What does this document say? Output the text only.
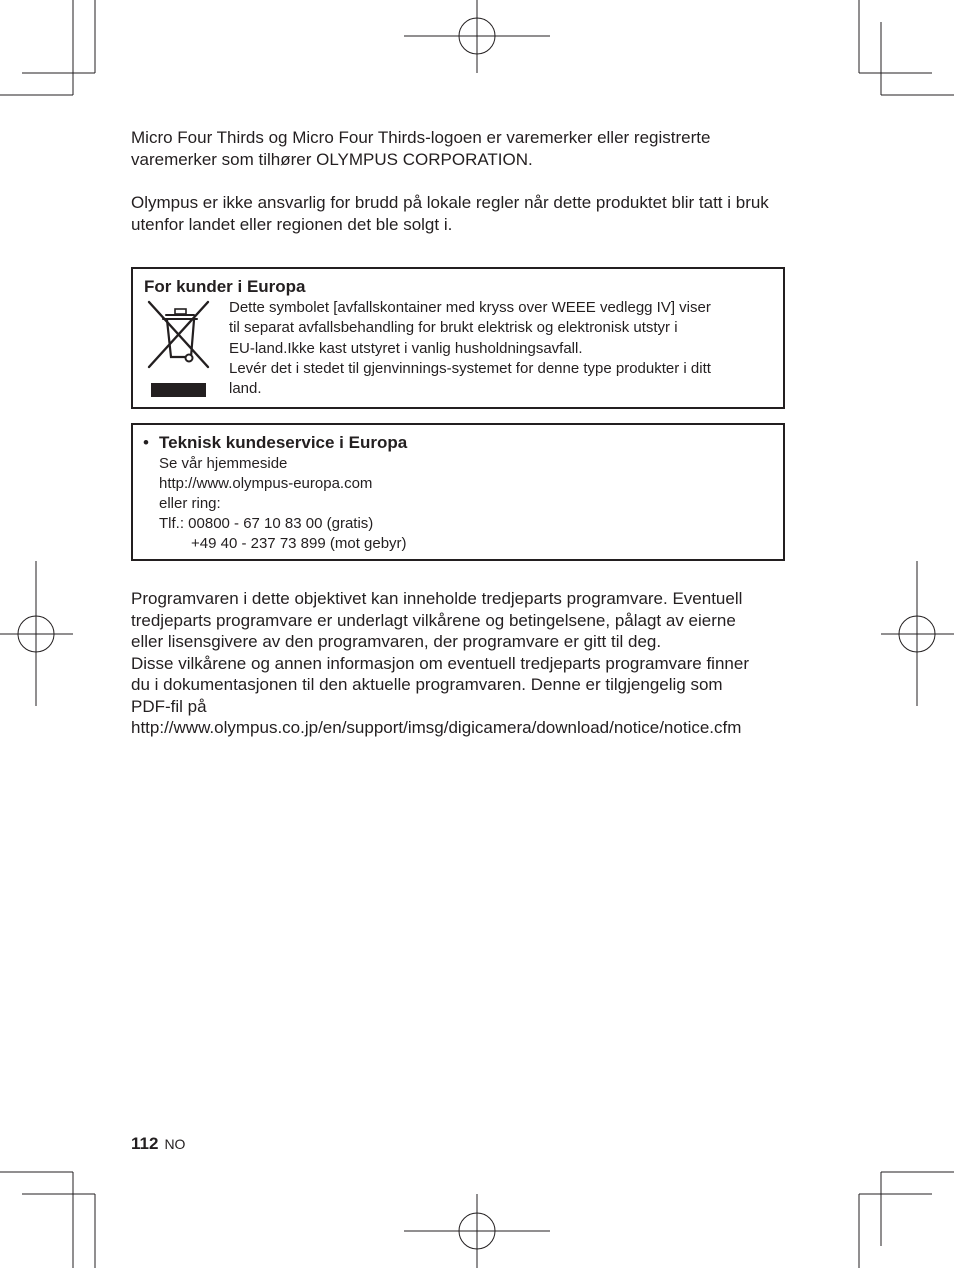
Micro Four Thirds og Micro Four Thirds-logoen er varemerker eller registrerte varemerker som tilhører OLYMPUS CORPORATION.

Olympus er ikke ansvarlig for brudd på lokale regler når dette produktet blir tatt i bruk utenfor landet eller regionen det ble solgt i.

For kunder i Europa
Dette symbolet [avfallskontainer med kryss over WEEE vedlegg IV] viser
til separat avfallsbehandling for brukt elektrisk og elektronisk utstyr i
EU-land.Ikke kast utstyret i vanlig husholdningsavfall.
Levér det i stedet til gjenvinnings-systemet for denne type produkter i ditt
land.
• Teknisk kundeservice i Europa
Se vår hjemmeside
http://www.olympus-europa.com
eller ring:
Tlf.: 00800 - 67 10 83 00 (gratis)
+49 40 - 237 73 899 (mot gebyr)
Programvaren i dette objektivet kan inneholde tredjeparts programvare. Eventuell
tredjeparts programvare er underlagt vilkårene og betingelsene, pålagt av eierne
eller lisensgivere av den programvaren, der programvare er gitt til deg.
Disse vilkårene og annen informasjon om eventuell tredjeparts programvare finner
du i dokumentasjonen til den aktuelle programvaren. Denne er tilgjengelig som
PDF-fil på
http://www.olympus.co.jp/en/support/imsg/digicamera/download/notice/notice.cfm
112 NO
